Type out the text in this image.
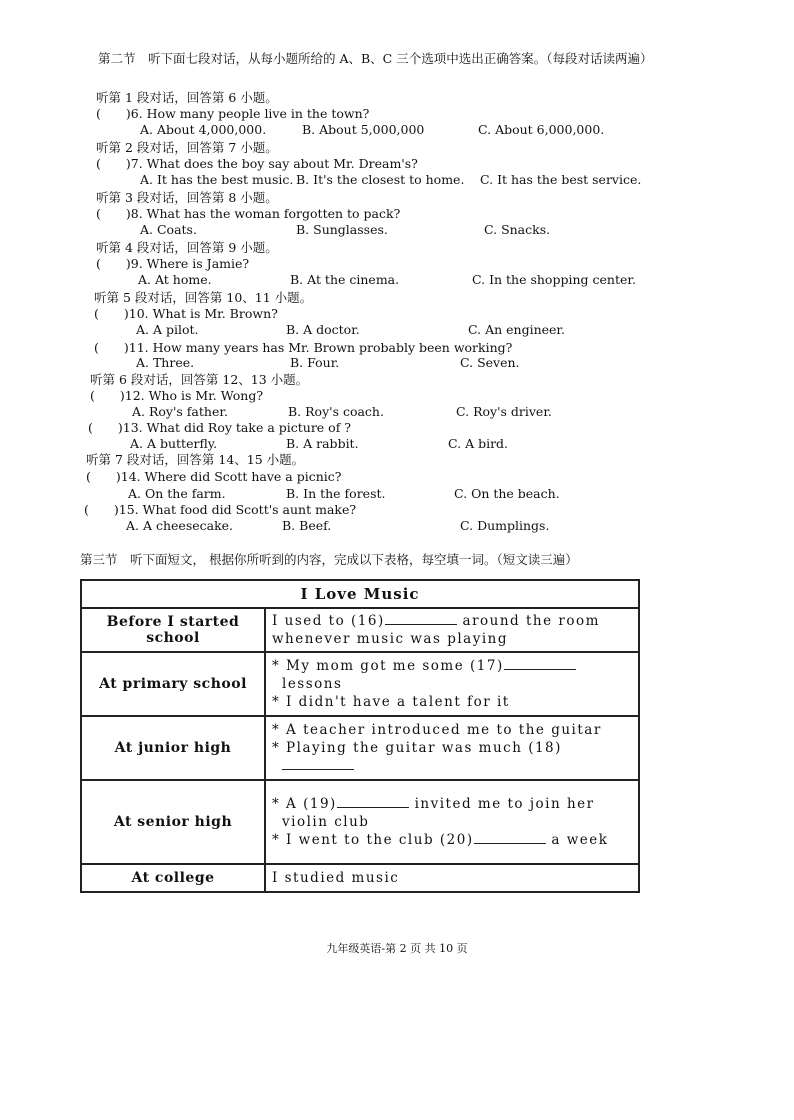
第二节　听下面七段对话，从每小题所给的 A、B、C 三个选项中选出正确答案。（每段对话读两遍）
听第 1 段对话，回答第 6 小题。
(　　)6. How many people live in the town?
A. About 4,000,000.	B. About 5,000,000	C. About 6,000,000.
听第 2 段对话，回答第 7 小题。
(　　)7. What does the boy say about Mr. Dream's?
A. It has the best music. B. It's the closest to home. C. It has the best service.
听第 3 段对话，回答第 8 小题。
(　　)8. What has the woman forgotten to pack?
A. Coats.	B. Sunglasses.	C. Snacks.
听第 4 段对话，回答第 9 小题。
(　　)9. Where is Jamie?
A. At home.	B. At the cinema.	C. In the shopping center.
听第 5 段对话，回答第 10、11 小题。
(　　)10. What is Mr. Brown?
A. A pilot.	B. A doctor.	C. An engineer.
(　　)11. How many years has Mr. Brown probably been working?
A. Three.	B. Four.	C. Seven.
听第 6 段对话，回答第 12、13 小题。
(　　)12. Who is Mr. Wong?
A. Roy's father.	B. Roy's coach.	C. Roy's driver.
(　　)13. What did Roy take a picture of ?
A. A butterfly.	B. A rabbit.	C. A bird.
听第 7 段对话，回答第 14、15 小题。
(　　)14. Where did Scott have a picnic?
A. On the farm.	B. In the forest.	C. On the beach.
(　　)15. What food did Scott's aunt make?
A. A cheesecake.	B. Beef.	C. Dumplings.
第三节　听下面短文， 根据你所听到的内容，完成以下表格，每空填一词。（短文读三遍）
I Love Music	
Before I started school	I used to (16) around the room whenever music was playing
At primary school	* My mom got me some (17) lessons
* I didn't have a talent for it

At junior high	* A teacher introduced me to the guitar
* Playing the guitar was much (18)

At senior high	* A (19) invited me to join her violin club
* I went to the club (20) a week

At college	I studied music
九年级英语-第 2 页 共 10 页
